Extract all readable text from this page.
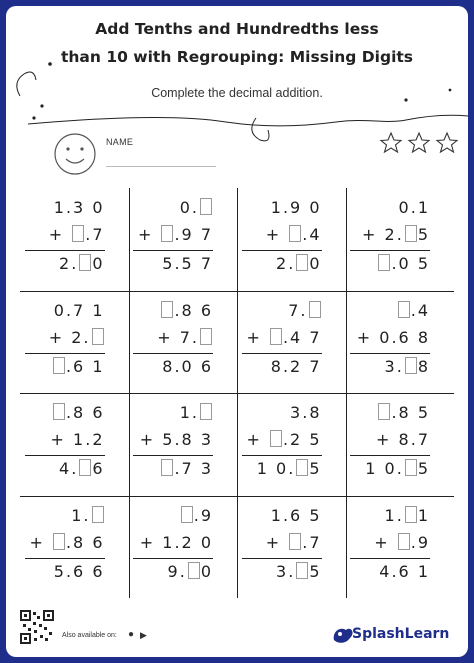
Add Tenths and Hundredths less
than 10 with Regrouping: Missing Digits
Complete the decimal addition.
NAME
1.3 0
+ .7
2. 0
0.
+ .9 7
5.5 7
1.9 0
+ .4
2. 0
0.1
+ 2. 5
.0 5
0.7 1
+ 2.
.6 1
.8 6
+ 7.
8.0 6
7.
+ .4 7
8.2 7
.4
+ 0.6 8
3. 8
.8 6
+ 1.2
4. 6
1.
+ 5.8 3
.7 3
3.8
+ .2 5
1 0. 5
.8 5
+ 8.7
1 0. 5
1.
+ .8 6
5.6 6
.9
+ 1.2 0
9. 0
1.6 5
+ .7
3. 5
1. 1
+ .9
4.6 1
Also available on: ● ▶	SplashLearn
